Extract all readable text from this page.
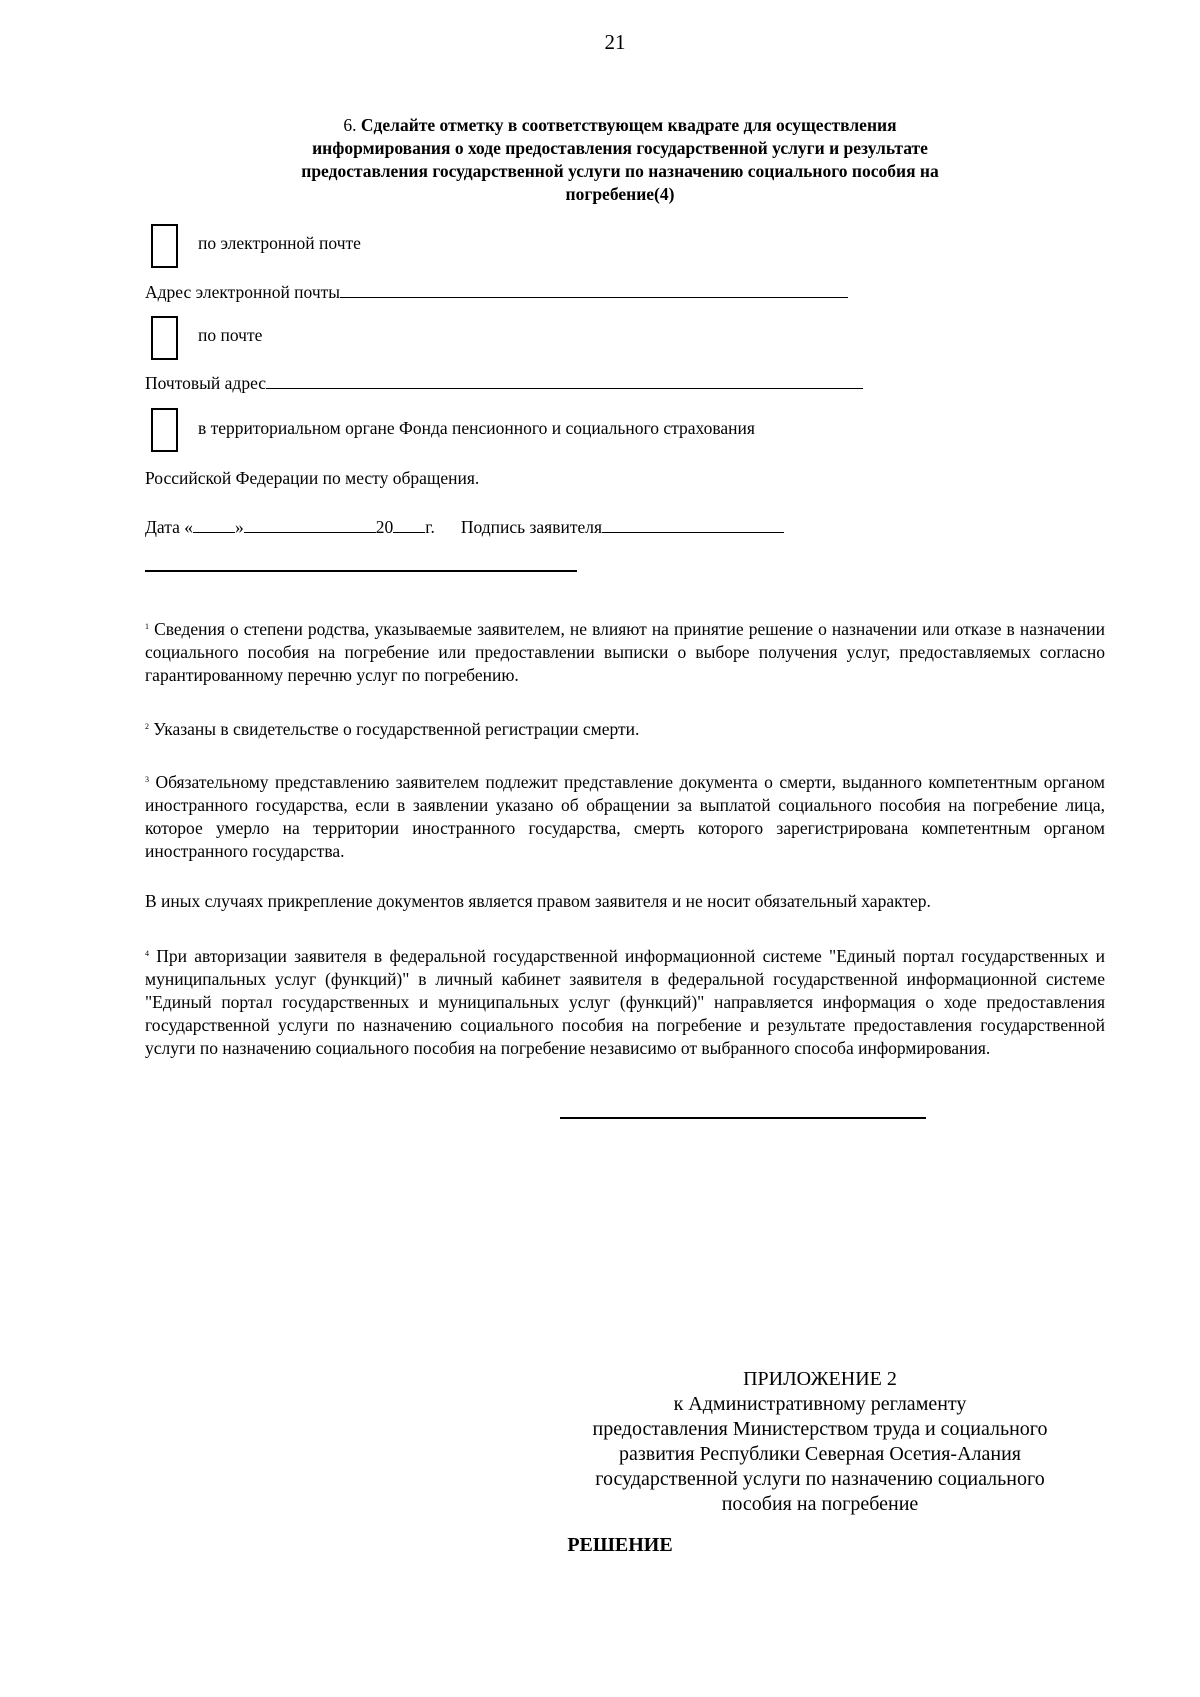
21
6. Сделайте отметку в соответствующем квадрате для осуществления информирования о ходе предоставления государственной услуги и результате предоставления государственной услуги по назначению социального пособия на погребение(4)
по электронной почте
Адрес электронной почты
по почте
Почтовый адрес
в территориальном органе Фонда пенсионного и социального страхования
Российской Федерации по месту обращения.
Дата « »	20 г. Подпись заявителя
$^1$ Сведения о степени родства, указываемые заявителем, не влияют на принятие решение о назначении или отказе в назначении социального пособия на погребение или предоставлении выписки о выборе получения услуг, предоставляемых согласно гарантированному перечню услуг по погребению.
$^2$ Указаны в свидетельстве о государственной регистрации смерти.
$^3$ Обязательному представлению заявителем подлежит представление документа о смерти, выданного компетентным органом иностранного государства, если в заявлении указано об обращении за выплатой социального пособия на погребение лица, которое умерло на территории иностранного государства, смерть которого зарегистрирована компетентным органом иностранного государства.
В иных случаях прикрепление документов является правом заявителя и не носит обязательный характер.
$^4$ При авторизации заявителя в федеральной государственной информационной системе "Единый портал государственных и муниципальных услуг (функций)" в личный кабинет заявителя в федеральной государственной информационной системе "Единый портал государственных и муниципальных услуг (функций)" направляется информация о ходе предоставления государственной услуги по назначению социального пособия на погребение и результате предоставления государственной услуги по назначению социального пособия на погребение независимо от выбранного способа информирования.
ПРИЛОЖЕНИЕ 2
к Административному регламенту
предоставления Министерством труда и социального
развития Республики Северная Осетия-Алания
государственной услуги по назначению социального
пособия на погребение
РЕШЕНИЕ
